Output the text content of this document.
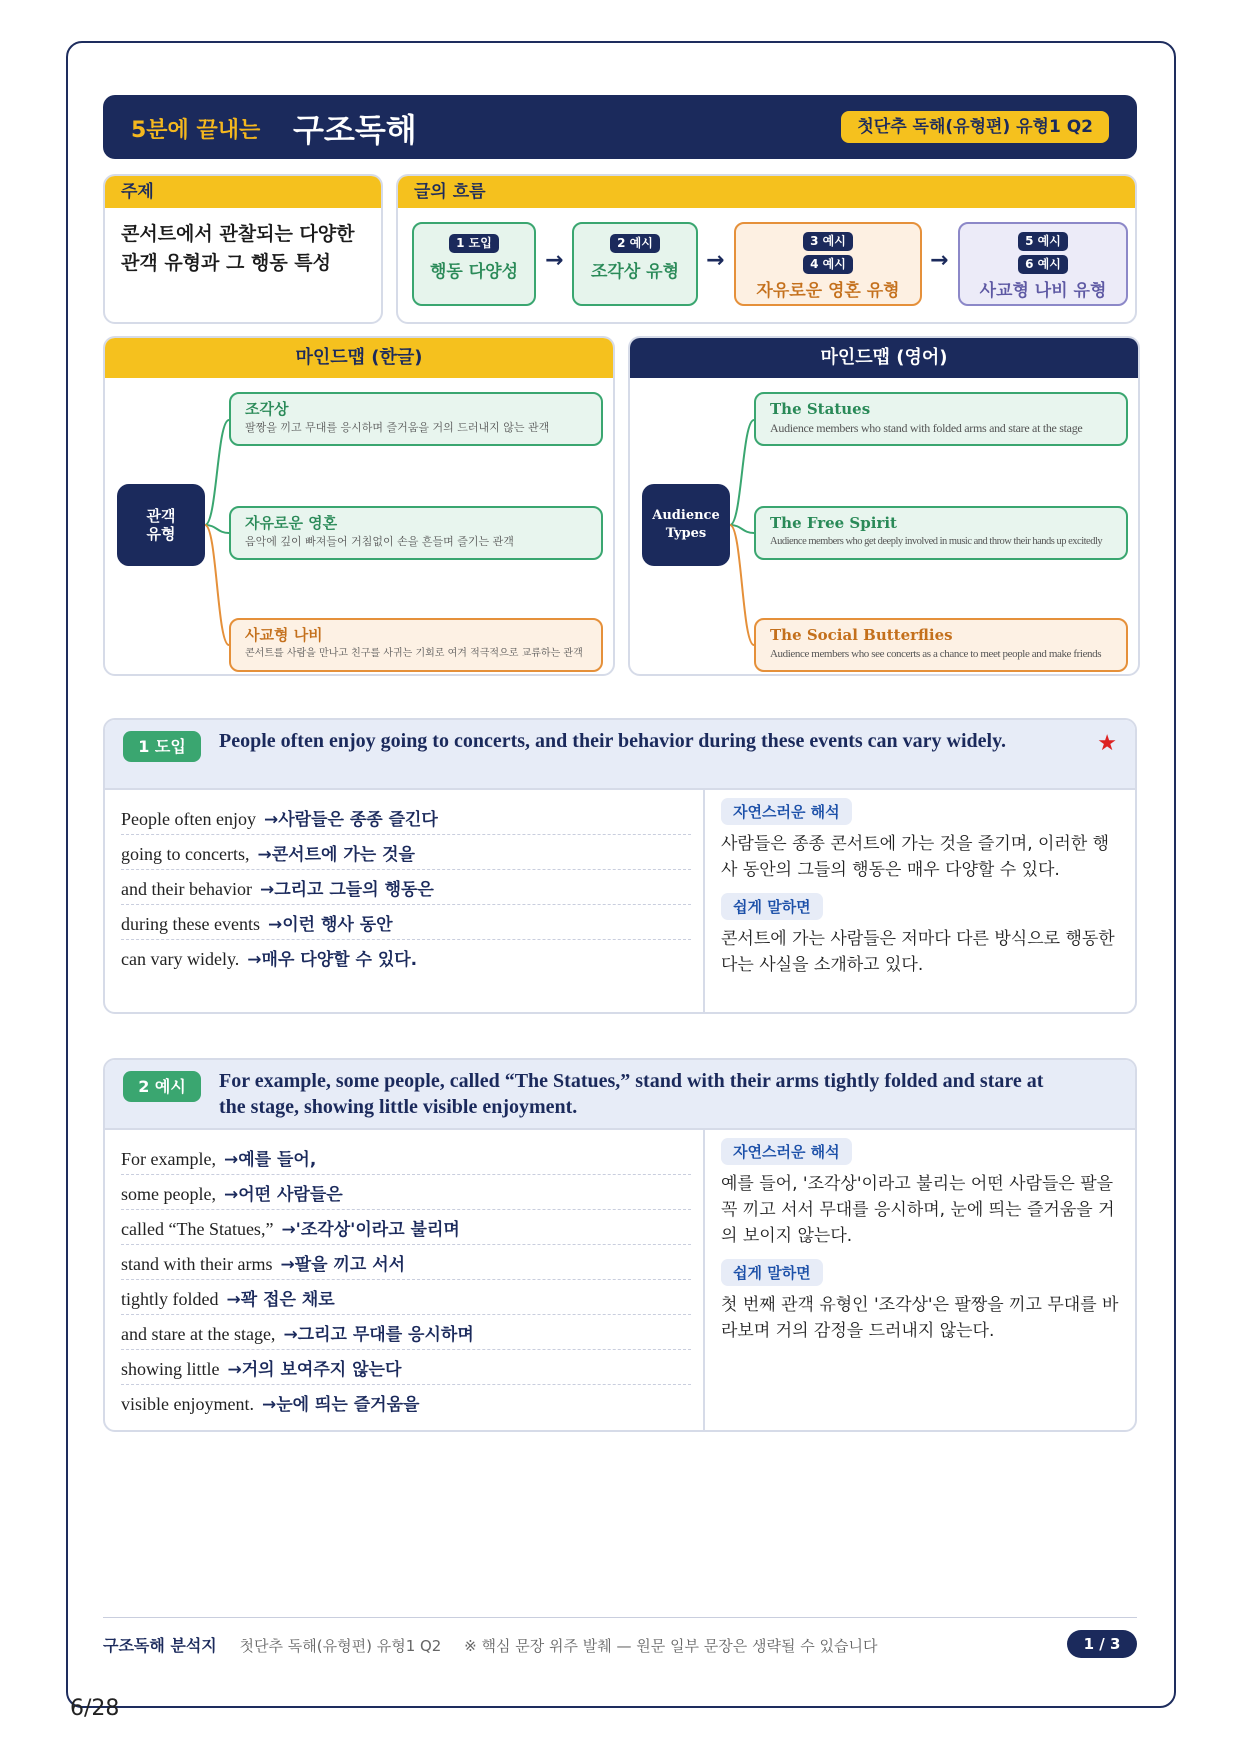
5분에 끝내는 구조독해	첫단추 독해(유형편) 유형1 Q2
주제
콘서트에서 관찰되는 다양한 관객 유형과 그 행동 특성
글의 흐름
1 도입
행동 다양성	→
2 예시
조각상 유형	→
3 예시
4 예시
자유로운 영혼 유형
→
5 예시
6 예시
사교형 나비 유형
마인드맵 (한글)
관객 유형
조각상
팔짱을 끼고 무대를 응시하며 즐거움을 거의 드러내지 않는 관객
자유로운 영혼
음악에 깊이 빠져들어 거침없이 손을 흔들며 즐기는 관객
사교형 나비
콘서트를 사람을 만나고 친구를 사귀는 기회로 여겨 적극적으로 교류하는 관객
마인드맵 (영어)
Audience Types
The Statues
Audience members who stand with folded arms and stare at the stage
The Free Spirit
Audience members who get deeply involved in music and throw their hands up excitedly
The Social Butterflies
Audience members who see concerts as a chance to meet people and make friends
1 도입	People often enjoy going to concerts, and their behavior during these events can vary widely.	★
People often enjoy →사람들은 종종 즐긴다
going to concerts, →콘서트에 가는 것을
and their behavior →그리고 그들의 행동은
during these events →이런 행사 동안
can vary widely. →매우 다양할 수 있다.
자연스러운 해석
사람들은 종종 콘서트에 가는 것을 즐기며, 이러한 행사 동안의 그들의 행동은 매우 다양할 수 있다.
쉽게 말하면
콘서트에 가는 사람들은 저마다 다른 방식으로 행동한다는 사실을 소개하고 있다.
2 예시	For example, some people, called “The Statues,” stand with their arms tightly folded and stare at the stage, showing little visible enjoyment.
For example, →예를 들어,
some people, →어떤 사람들은
called “The Statues,” →'조각상'이라고 불리며
stand with their arms →팔을 끼고 서서
tightly folded →꽉 접은 채로
and stare at the stage, →그리고 무대를 응시하며
showing little →거의 보여주지 않는다
visible enjoyment. →눈에 띄는 즐거움을
자연스러운 해석
예를 들어, '조각상'이라고 불리는 어떤 사람들은 팔을 꼭 끼고 서서 무대를 응시하며, 눈에 띄는 즐거움을 거의 보이지 않는다.
쉽게 말하면
첫 번째 관객 유형인 '조각상'은 팔짱을 끼고 무대를 바라보며 거의 감정을 드러내지 않는다.
구조독해 분석지 첫단추 독해(유형편) 유형1 Q2 ※ 핵심 문장 위주 발췌 — 원문 일부 문장은 생략될 수 있습니다	1 / 3
6/28
